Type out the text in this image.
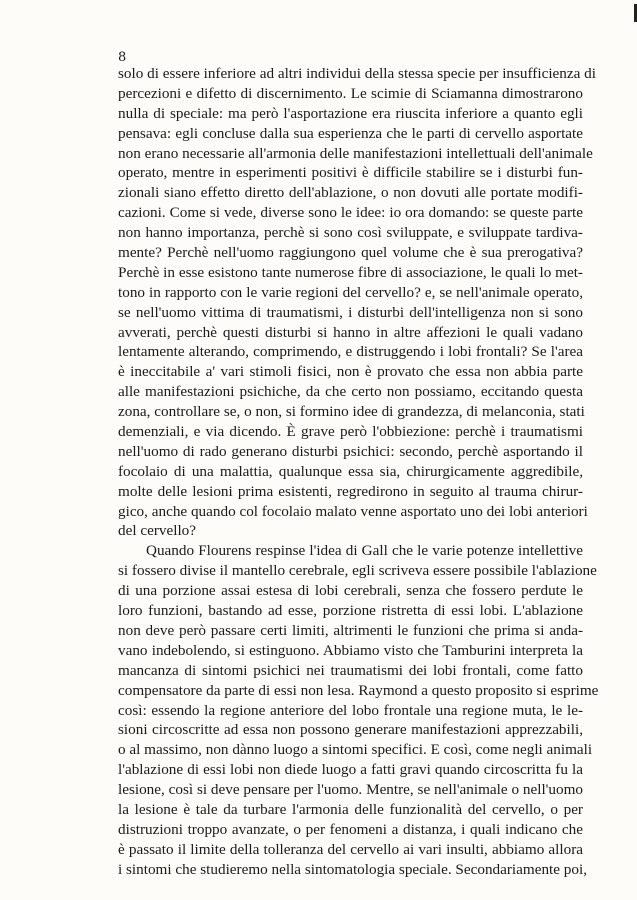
8
solo di essere inferiore ad altri individui della stessa specie per insufficienza di
percezioni e difetto di discernimento. Le scimie di Sciamanna dimostrarono
nulla di speciale: ma però l'asportazione era riuscita inferiore a quanto egli
pensava: egli concluse dalla sua esperienza che le parti di cervello asportate
non erano necessarie all'armonia delle manifestazioni intellettuali dell'animale
operato, mentre in esperimenti positivi è difficile stabilire se i disturbi fun-
zionali siano effetto diretto dell'ablazione, o non dovuti alle portate modifi-
cazioni. Come si vede, diverse sono le idee: io ora domando: se queste parte
non hanno importanza, perchè si sono così sviluppate, e sviluppate tardiva-
mente? Perchè nell'uomo raggiungono quel volume che è sua prerogativa?
Perchè in esse esistono tante numerose fibre di associazione, le quali lo met-
tono in rapporto con le varie regioni del cervello? e, se nell'animale operato,
se nell'uomo vittima di traumatismi, i disturbi dell'intelligenza non si sono
avverati, perchè questi disturbi si hanno in altre affezioni le quali vadano
lentamente alterando, comprimendo, e distruggendo i lobi frontali? Se l'area
è ineccitabile a' vari stimoli fisici, non è provato che essa non abbia parte
alle manifestazioni psichiche, da che certo non possiamo, eccitando questa
zona, controllare se, o non, si formino idee di grandezza, di melanconia, stati
demenziali, e via dicendo. È grave però l'obbiezione: perchè i traumatismi
nell'uomo di rado generano disturbi psichici: secondo, perchè asportando il
focolaio di una malattia, qualunque essa sia, chirurgicamente aggredibile,
molte delle lesioni prima esistenti, regredirono in seguito al trauma chirur-
gico, anche quando col focolaio malato venne asportato uno dei lobi anteriori
del cervello?
Quando Flourens respinse l'idea di Gall che le varie potenze intellettive
si fossero divise il mantello cerebrale, egli scriveva essere possibile l'ablazione
di una porzione assai estesa di lobi cerebrali, senza che fossero perdute le
loro funzioni, bastando ad esse, porzione ristretta di essi lobi. L'ablazione
non deve però passare certi limiti, altrimenti le funzioni che prima si anda-
vano indebolendo, si estinguono. Abbiamo visto che Tamburini interpreta la
mancanza di sintomi psichici nei traumatismi dei lobi frontali, come fatto
compensatore da parte di essi non lesa. Raymond a questo proposito si esprime
così: essendo la regione anteriore del lobo frontale una regione muta, le le-
sioni circoscritte ad essa non possono generare manifestazioni apprezzabili,
o al massimo, non dànno luogo a sintomi specifici. E così, come negli animali
l'ablazione di essi lobi non diede luogo a fatti gravi quando circoscritta fu la
lesione, così si deve pensare per l'uomo. Mentre, se nell'animale o nell'uomo
la lesione è tale da turbare l'armonia delle funzionalità del cervello, o per
distruzioni troppo avanzate, o per fenomeni a distanza, i quali indicano che
è passato il limite della tolleranza del cervello ai vari insulti, abbiamo allora
i sintomi che studieremo nella sintomatologia speciale. Secondariamente poi,
